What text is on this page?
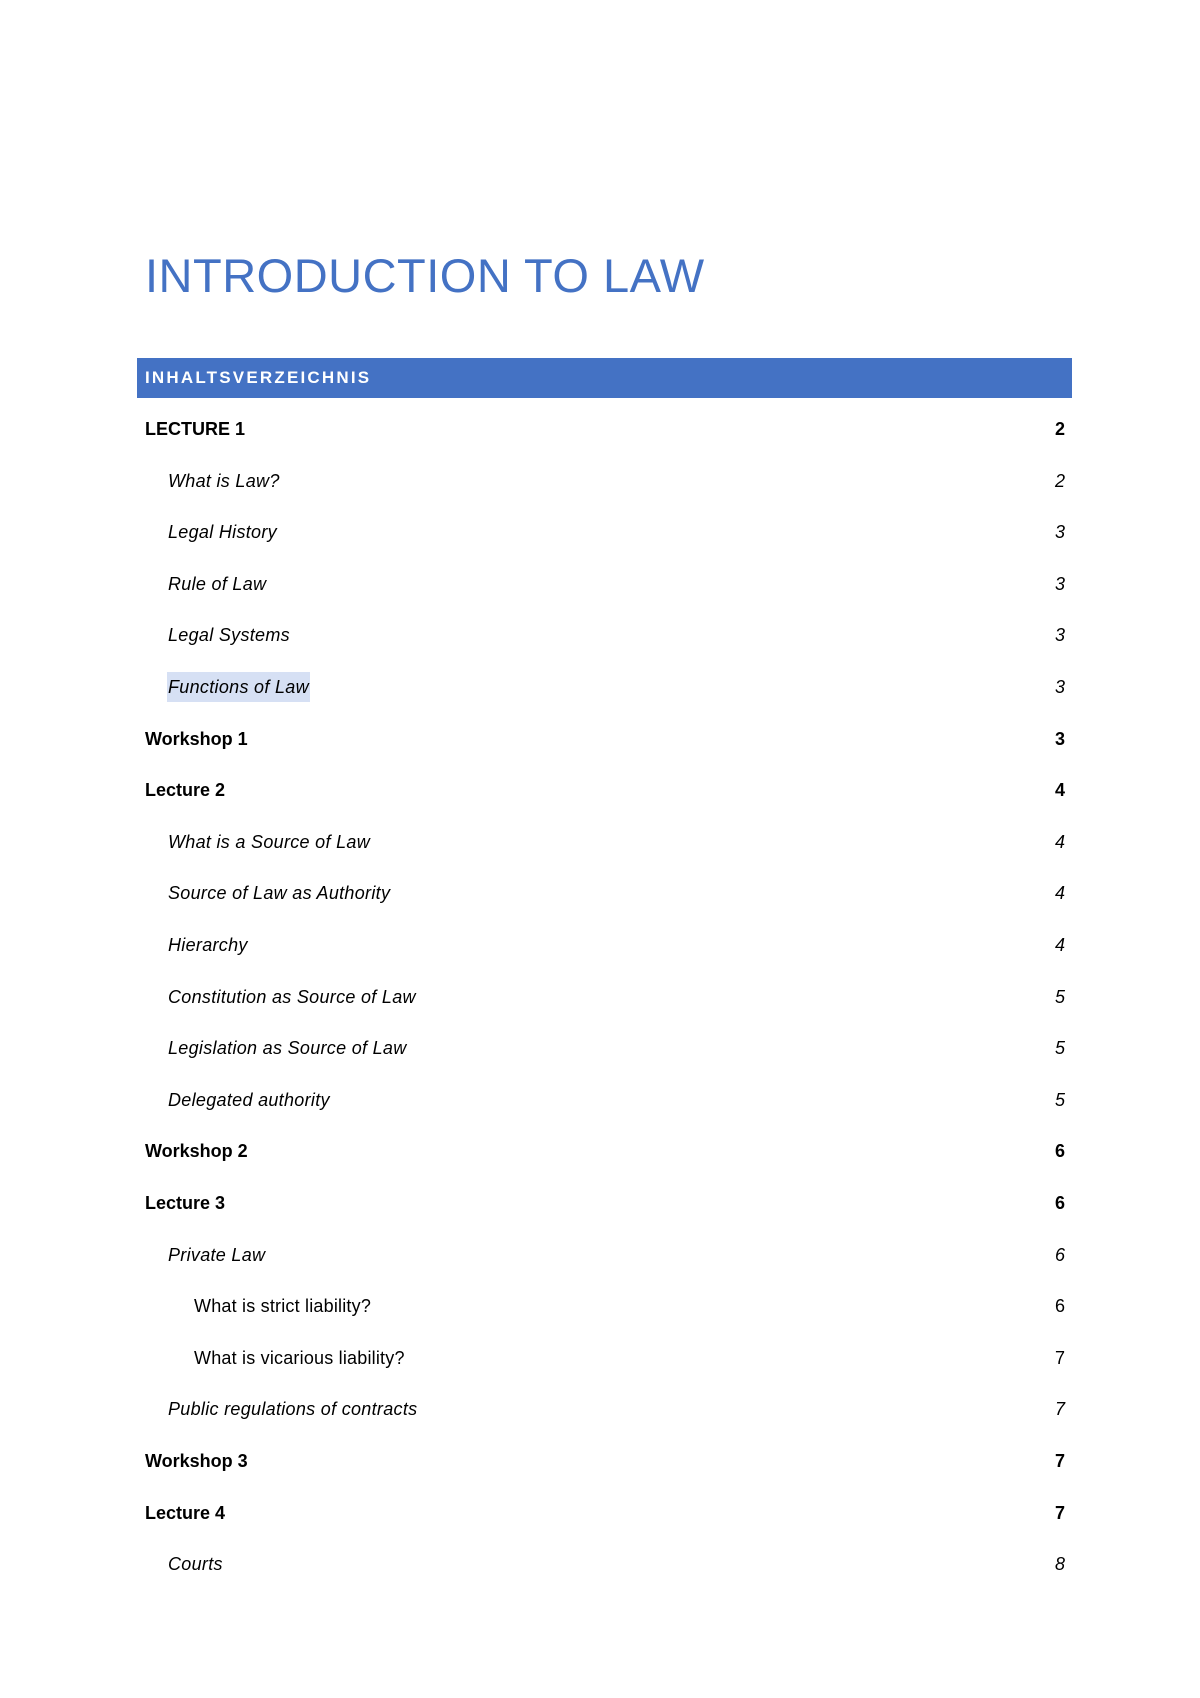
INTRODUCTION TO LAW
INHALTSVERZEICHNIS
LECTURE 1	2
What is Law?	2
Legal History	3
Rule of Law	3
Legal Systems	3
Functions of Law	3
Workshop 1	3
Lecture 2	4
What is a Source of Law	4
Source of Law as Authority	4
Hierarchy	4
Constitution as Source of Law	5
Legislation as Source of Law	5
Delegated authority	5
Workshop 2	6
Lecture 3	6
Private Law	6
What is strict liability?	6
What is vicarious liability?	7
Public regulations of contracts	7
Workshop 3	7
Lecture 4	7
Courts	8
